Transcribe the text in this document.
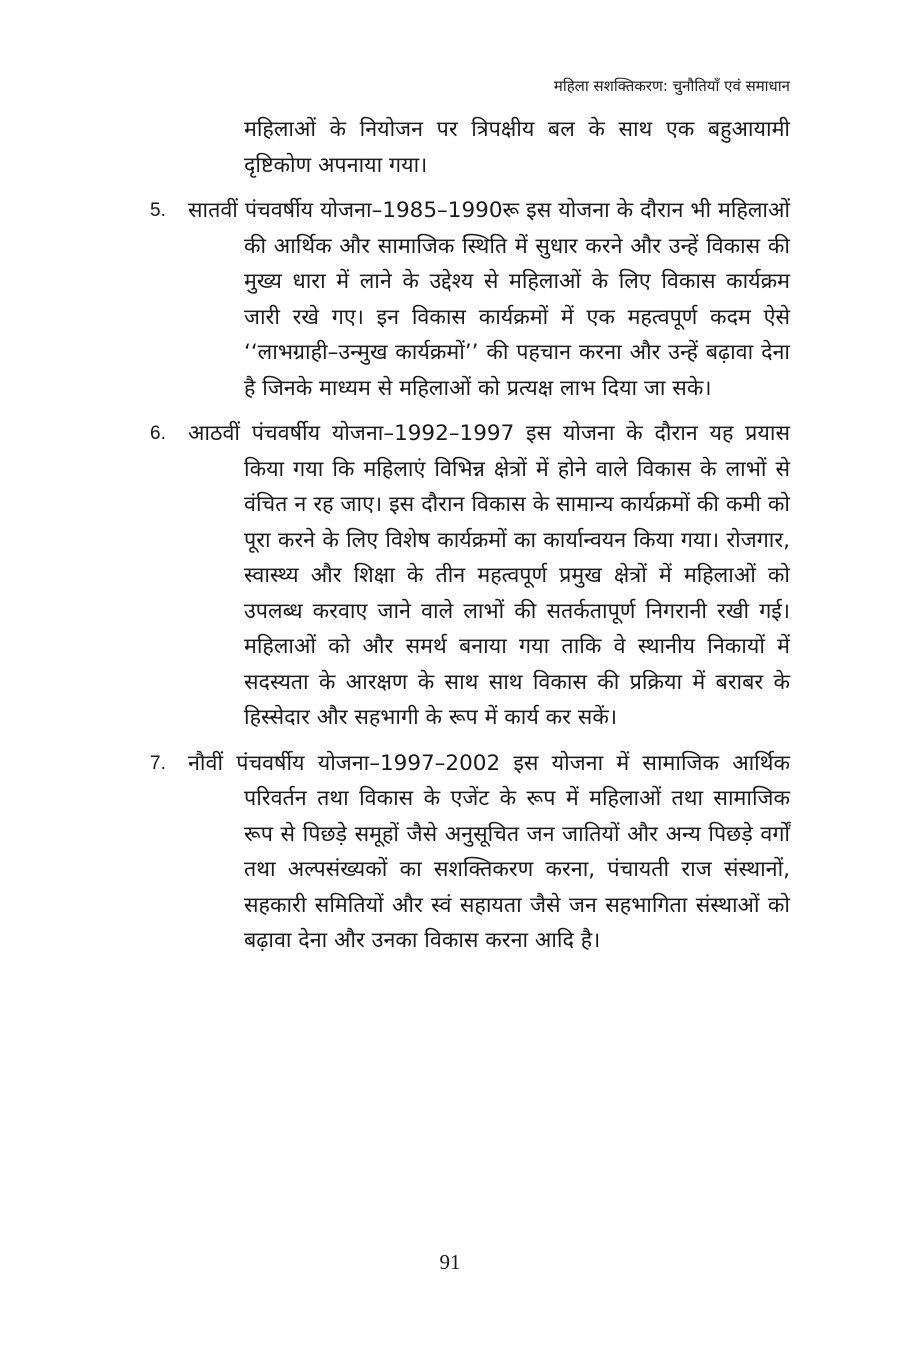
महिला सशक्तिकरण: चुनौतियाँ एवं समाधान

महिलाओं के नियोजन पर त्रिपक्षीय बल के साथ एक बहुआयामी दृष्टिकोण अपनाया गया।

5. सातवीं पंचवर्षीय योजना–1985–1990रू इस योजना के दौरान भी महिलाओं की आर्थिक और सामाजिक स्थिति में सुधार करने और उन्हें विकास की मुख्य धारा में लाने के उद्देश्य से महिलाओं के लिए विकास कार्यक्रम जारी रखे गए। इन विकास कार्यक्रमों में एक महत्वपूर्ण कदम ऐसे ‘‘लाभग्राही–उन्मुख कार्यक्रमों’’ की पहचान करना और उन्हें बढ़ावा देना है जिनके माध्यम से महिलाओं को प्रत्यक्ष लाभ दिया जा सके।
6. आठवीं पंचवर्षीय योजना–1992–1997 इस योजना के दौरान यह प्रयास किया गया कि महिलाएं विभिन्न क्षेत्रों में होने वाले विकास के लाभों से वंचित न रह जाए। इस दौरान विकास के सामान्य कार्यक्रमों की कमी को पूरा करने के लिए विशेष कार्यक्रमों का कार्यान्वयन किया गया। रोजगार, स्वास्थ्य और शिक्षा के तीन महत्वपूर्ण प्रमुख क्षेत्रों में महिलाओं को उपलब्ध करवाए जाने वाले लाभों की सतर्कतापूर्ण निगरानी रखी गई। महिलाओं को और समर्थ बनाया गया ताकि वे स्थानीय निकायों में सदस्यता के आरक्षण के साथ साथ विकास की प्रक्रिया में बराबर के हिस्सेदार और सहभागी के रूप में कार्य कर सकें।
7. नौवीं पंचवर्षीय योजना–1997–2002 इस योजना में सामाजिक आर्थिक परिवर्तन तथा विकास के एजेंट के रूप में महिलाओं तथा सामाजिक रूप से पिछड़े समूहों जैसे अनुसूचित जन जातियों और अन्य पिछड़े वर्गों तथा अल्पसंख्यकों का सशक्तिकरण करना, पंचायती राज संस्थानों, सहकारी समितियों और स्वं सहायता जैसे जन सहभागिता संस्थाओं को बढ़ावा देना और उनका विकास करना आदि है।
91
